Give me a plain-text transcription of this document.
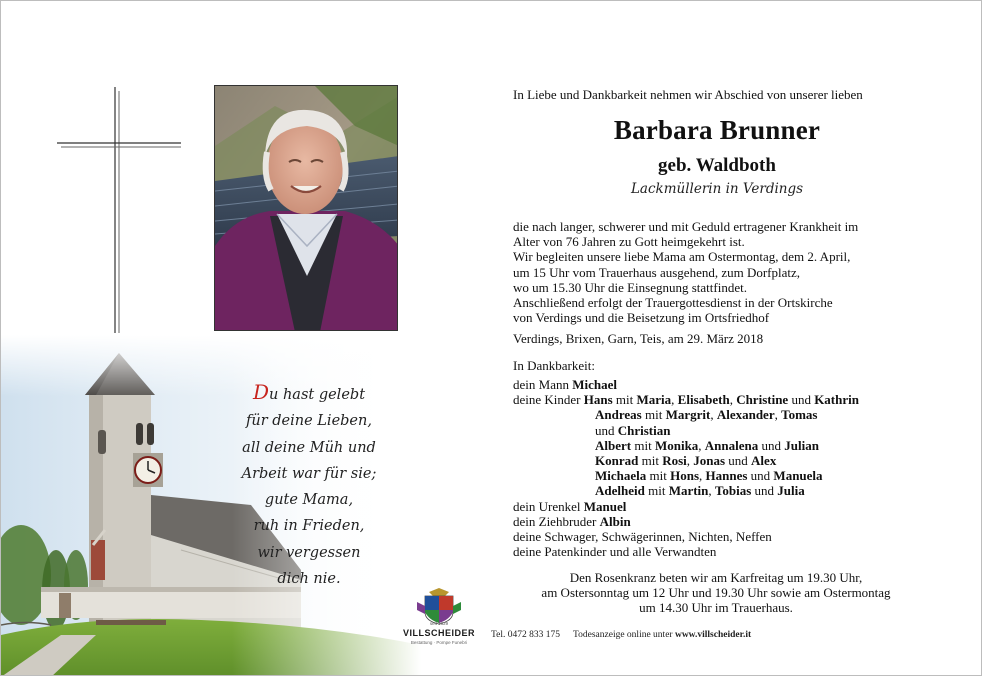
Du hast gelebt
für deine Lieben,
all deine Müh und
Arbeit war für sie;
gute Mama,
ruh in Frieden,
wir vergessen
dich nie.
In Liebe und Dankbarkeit nehmen wir Abschied von unserer lieben
Barbara Brunner
geb. Waldboth
Lackmüllerin in Verdings
die nach langer, schwerer und mit Geduld ertragener Krankheit im
Alter von 76 Jahren zu Gott heimgekehrt ist.
Wir begleiten unsere liebe Mama am Ostermontag, dem 2. April,
um 15 Uhr vom Trauerhaus ausgehend, zum Dorfplatz,
wo um 15.30 Uhr die Einsegnung stattfindet.
Anschließend erfolgt der Trauergottesdienst in der Ortskirche
von Verdings und die Beisetzung im Ortsfriedhof
Verdings, Brixen, Garn, Teis, am 29. März 2018
In Dankbarkeit:
dein Mann Michael
deine Kinder Hans mit Maria, Elisabeth, Christine und Kathrin
Andreas mit Margrit, Alexander, Tomas
und Christian
Albert mit Monika, Annalena und Julian
Konrad mit Rosi, Jonas und Alex
Michaela mit Hons, Hannes und Manuela
Adelheid mit Martin, Tobias und Julia
dein Urenkel Manuel
dein Ziehbruder Albin
deine Schwager, Schwägerinnen, Nichten, Neffen
deine Patenkinder und alle Verwandten
Den Rosenkranz beten wir am Karfreitag um 19.30 Uhr,
am Ostersonntag um 12 Uhr und 19.30 Uhr sowie am Ostermontag
um 14.30 Uhr im Trauerhaus.
seit 1829
VILLSCHEIDER
Bestattung · Pompe Funebri
Tel. 0472 833 175 Todesanzeige online unter www.villscheider.it
